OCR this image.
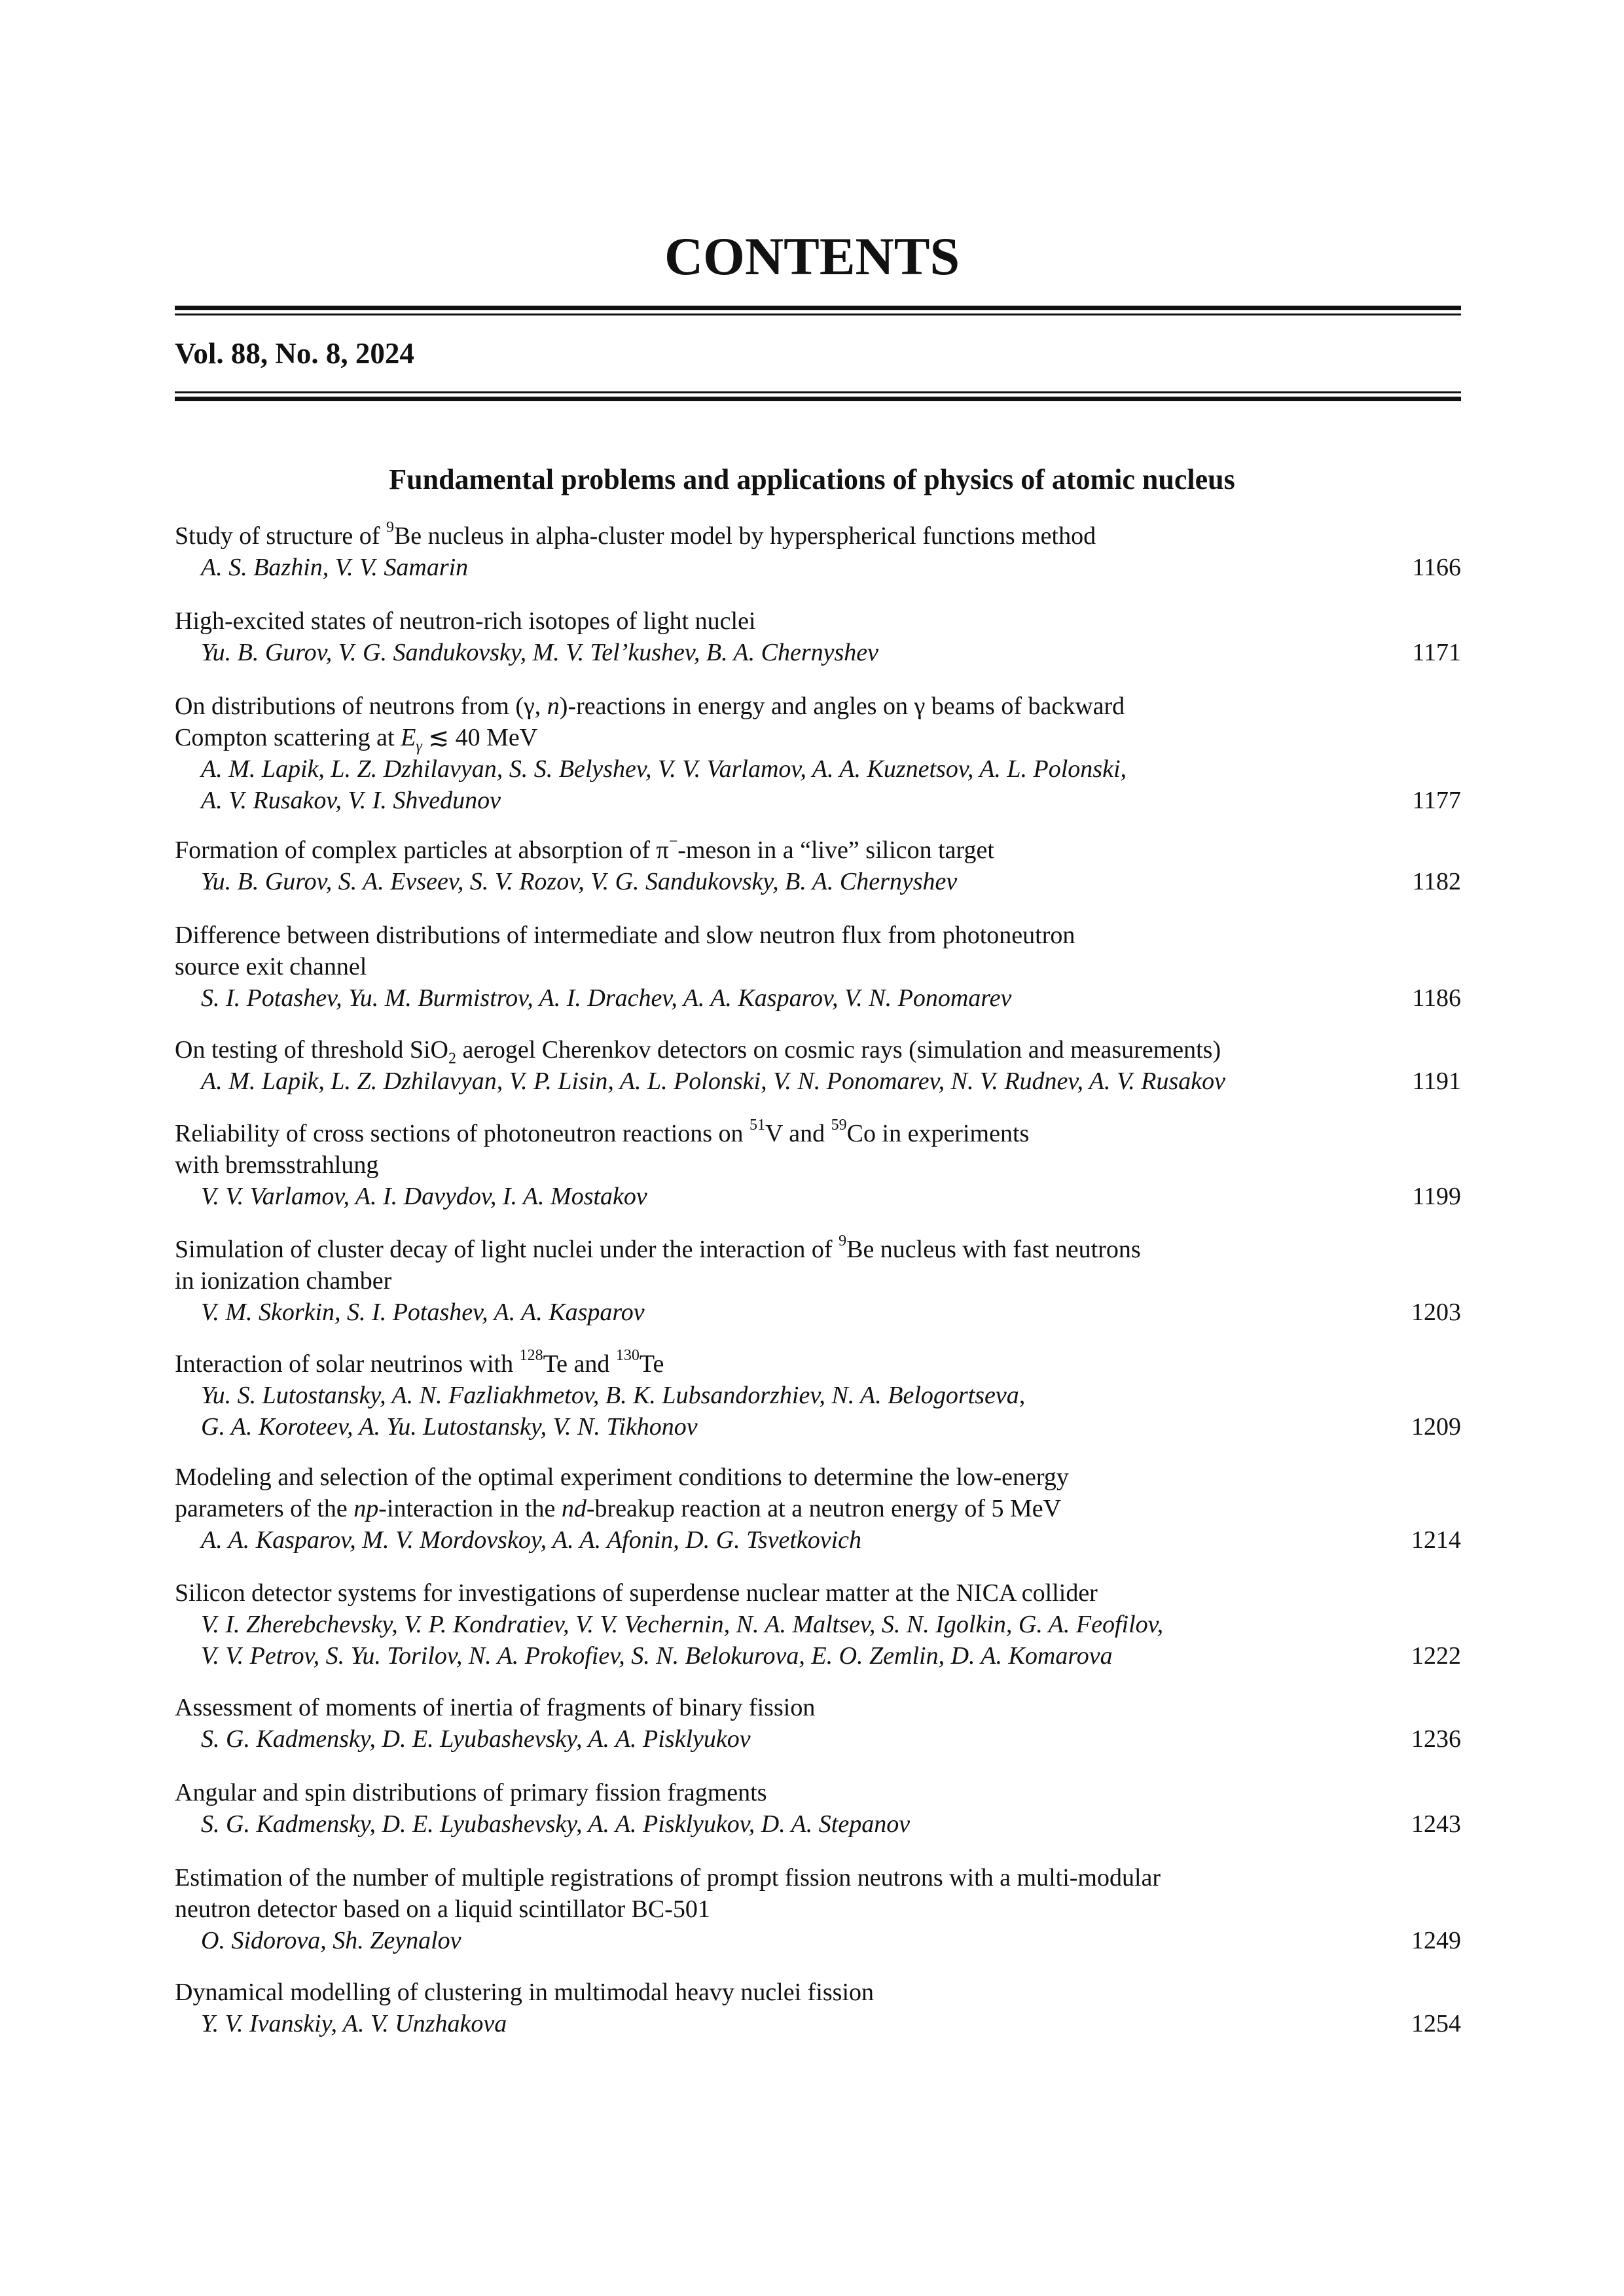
CONTENTS
Vol. 88, No. 8, 2024
Fundamental problems and applications of physics of atomic nucleus
Study of structure of $^9$Be nucleus in alpha-cluster model by hyperspherical functions method
A. S. Bazhin, V. V. Samarin	1166
High-excited states of neutron-rich isotopes of light nuclei
Yu. B. Gurov, V. G. Sandukovsky, M. V. Tel’kushev, B. A. Chernyshev	1171
On distributions of neutrons from (γ, n)-reactions in energy and angles on γ beams of backward
Compton scattering at $E_\gamma$ ≲ 40 MeV
A. M. Lapik, L. Z. Dzhilavyan, S. S. Belyshev, V. V. Varlamov, A. A. Kuznetsov, A. L. Polonski,
A. V. Rusakov, V. I. Shvedunov	1177
Formation of complex particles at absorption of π−-meson in a “live” silicon target
Yu. B. Gurov, S. A. Evseev, S. V. Rozov, V. G. Sandukovsky, B. A. Chernyshev	1182
Difference between distributions of intermediate and slow neutron flux from photoneutron
source exit channel
S. I. Potashev, Yu. M. Burmistrov, A. I. Drachev, A. A. Kasparov, V. N. Ponomarev	1186
On testing of threshold SiO$_2$ aerogel Cherenkov detectors on cosmic rays (simulation and measurements)
A. M. Lapik, L. Z. Dzhilavyan, V. P. Lisin, A. L. Polonski, V. N. Ponomarev, N. V. Rudnev, A. V. Rusakov	1191
Reliability of cross sections of photoneutron reactions on $^{51}$V and $^{59}$Co in experiments
with bremsstrahlung
V. V. Varlamov, A. I. Davydov, I. A. Mostakov	1199
Simulation of cluster decay of light nuclei under the interaction of $^9$Be nucleus with fast neutrons
in ionization chamber
V. M. Skorkin, S. I. Potashev, A. A. Kasparov	1203
Interaction of solar neutrinos with $^{128}$Te and $^{130}$Te
Yu. S. Lutostansky, A. N. Fazliakhmetov, B. K. Lubsandorzhiev, N. A. Belogortseva,
G. A. Koroteev, A. Yu. Lutostansky, V. N. Tikhonov	1209
Modeling and selection of the optimal experiment conditions to determine the low-energy
parameters of the np-interaction in the nd-breakup reaction at a neutron energy of 5 MeV
A. A. Kasparov, M. V. Mordovskoy, A. A. Afonin, D. G. Tsvetkovich	1214
Silicon detector systems for investigations of superdense nuclear matter at the NICA collider
V. I. Zherebchevsky, V. P. Kondratiev, V. V. Vechernin, N. A. Maltsev, S. N. Igolkin, G. A. Feofilov,
V. V. Petrov, S. Yu. Torilov, N. A. Prokofiev, S. N. Belokurova, E. O. Zemlin, D. A. Komarova	1222
Assessment of moments of inertia of fragments of binary fission
S. G. Kadmensky, D. E. Lyubashevsky, A. A. Pisklyukov	1236
Angular and spin distributions of primary fission fragments
S. G. Kadmensky, D. E. Lyubashevsky, A. A. Pisklyukov, D. A. Stepanov	1243
Estimation of the number of multiple registrations of prompt fission neutrons with a multi-modular
neutron detector based on a liquid scintillator BC-501
O. Sidorova, Sh. Zeynalov	1249
Dynamical modelling of clustering in multimodal heavy nuclei fission
Y. V. Ivanskiy, A. V. Unzhakova	1254
